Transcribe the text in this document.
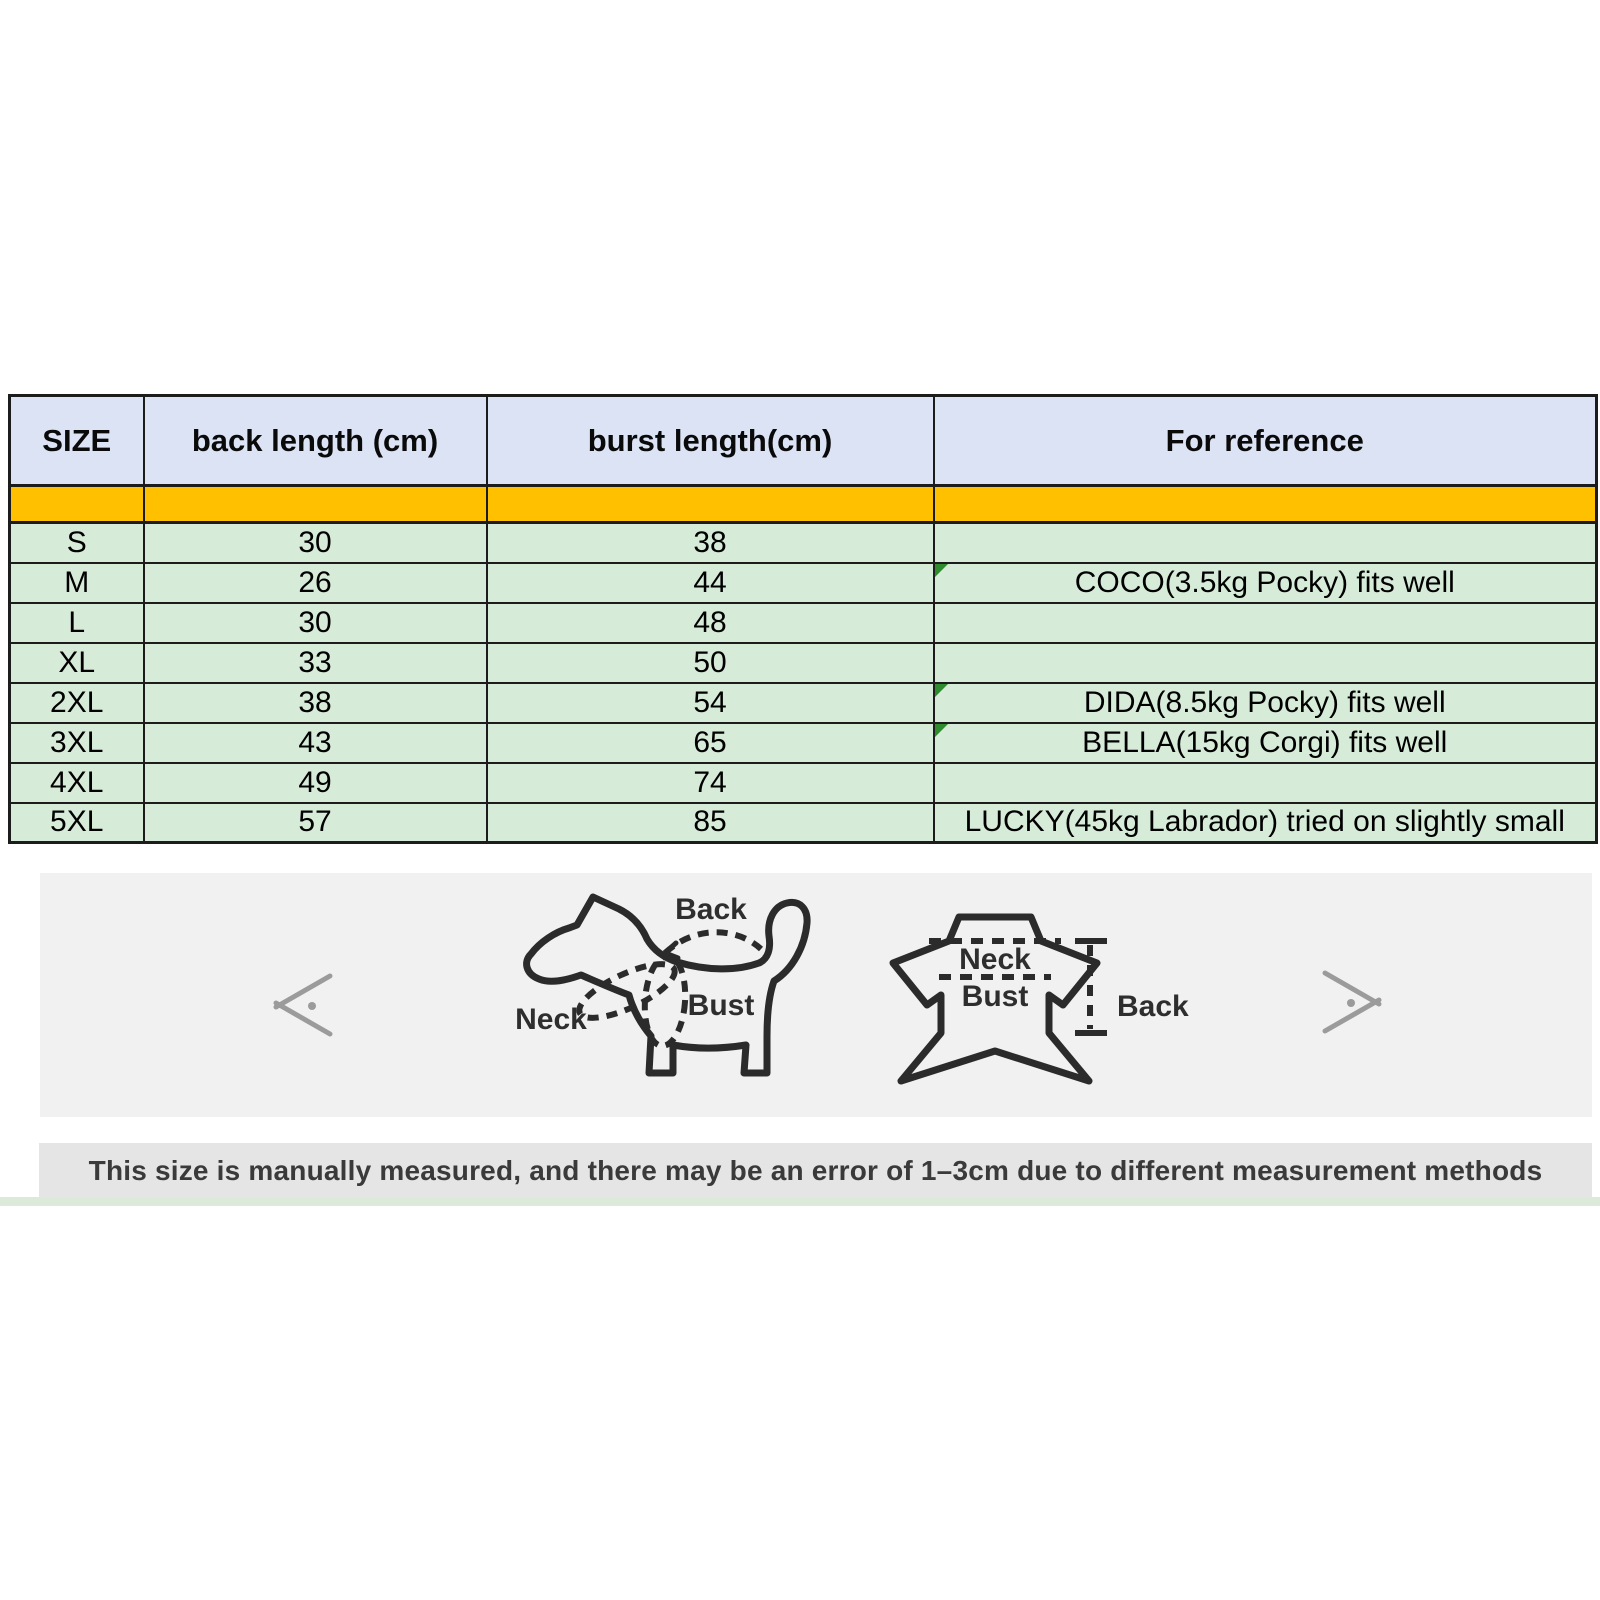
SIZE	back length (cm)	burst length(cm)	For reference

S	30	38	
M	26	44	COCO(3.5kg Pocky) fits well
L	30	48	
XL	33	50	
2XL	38	54	DIDA(8.5kg Pocky) fits well
3XL	43	65	BELLA(15kg Corgi) fits well
4XL	49	74	
5XL	57	85	LUCKY(45kg Labrador) tried on slightly small
Back
Neck	Bust
Neck
Bust	Back
This size is manually measured, and there may be an error of 1–3cm due to different measurement methods
